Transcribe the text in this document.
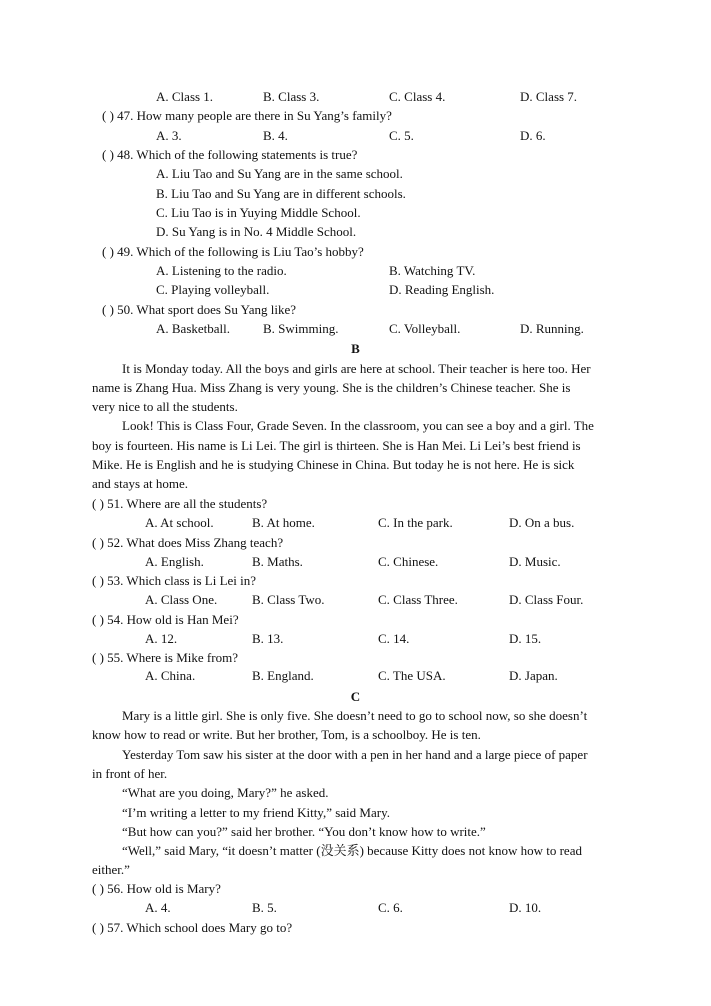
A. Class 1.	B. Class 3.	C. Class 4.	D. Class 7.
( ) 47. How many people are there in Su Yang’s family?
A. 3.	B. 4.	C. 5.	D. 6.
( ) 48. Which of the following statements is true?
A. Liu Tao and Su Yang are in the same school.
B. Liu Tao and Su Yang are in different schools.
C. Liu Tao is in Yuying Middle School.
D. Su Yang is in No. 4 Middle School.
( ) 49. Which of the following is Liu Tao’s hobby?
A. Listening to the radio.	B. Watching TV.
C. Playing volleyball.	D. Reading English.
( ) 50. What sport does Su Yang like?
A. Basketball.	B. Swimming.	C. Volleyball.	D. Running.
B
It is Monday today. All the boys and girls are here at school. Their teacher is here too. Her
name is Zhang Hua. Miss Zhang is very young. She is the children’s Chinese teacher. She is
very nice to all the students.
Look! This is Class Four, Grade Seven. In the classroom, you can see a boy and a girl. The
boy is fourteen. His name is Li Lei. The girl is thirteen. She is Han Mei. Li Lei’s best friend is
Mike. He is English and he is studying Chinese in China. But today he is not here. He is sick
and stays at home.
( ) 51. Where are all the students?
A. At school.	B. At home.	C. In the park.	D. On a bus.
( ) 52. What does Miss Zhang teach?
A. English.	B. Maths.	C. Chinese.	D. Music.
( ) 53. Which class is Li Lei in?
A. Class One.	B. Class Two.	C. Class Three.	D. Class Four.
( ) 54. How old is Han Mei?
A. 12.	B. 13.	C. 14.	D. 15.
( ) 55. Where is Mike from?
A. China.	B. England.	C. The USA.	D. Japan.
C
Mary is a little girl. She is only five. She doesn’t need to go to school now, so she doesn’t
know how to read or write. But her brother, Tom, is a schoolboy. He is ten.
Yesterday Tom saw his sister at the door with a pen in her hand and a large piece of paper
in front of her.
“What are you doing, Mary?” he asked.
“I’m writing a letter to my friend Kitty,” said Mary.
“But how can you?” said her brother. “You don’t know how to write.”
“Well,” said Mary, “it doesn’t matter (没关系) because Kitty does not know how to read
either.”
( ) 56. How old is Mary?
A. 4.	B. 5.	C. 6.	D. 10.
( ) 57. Which school does Mary go to?
